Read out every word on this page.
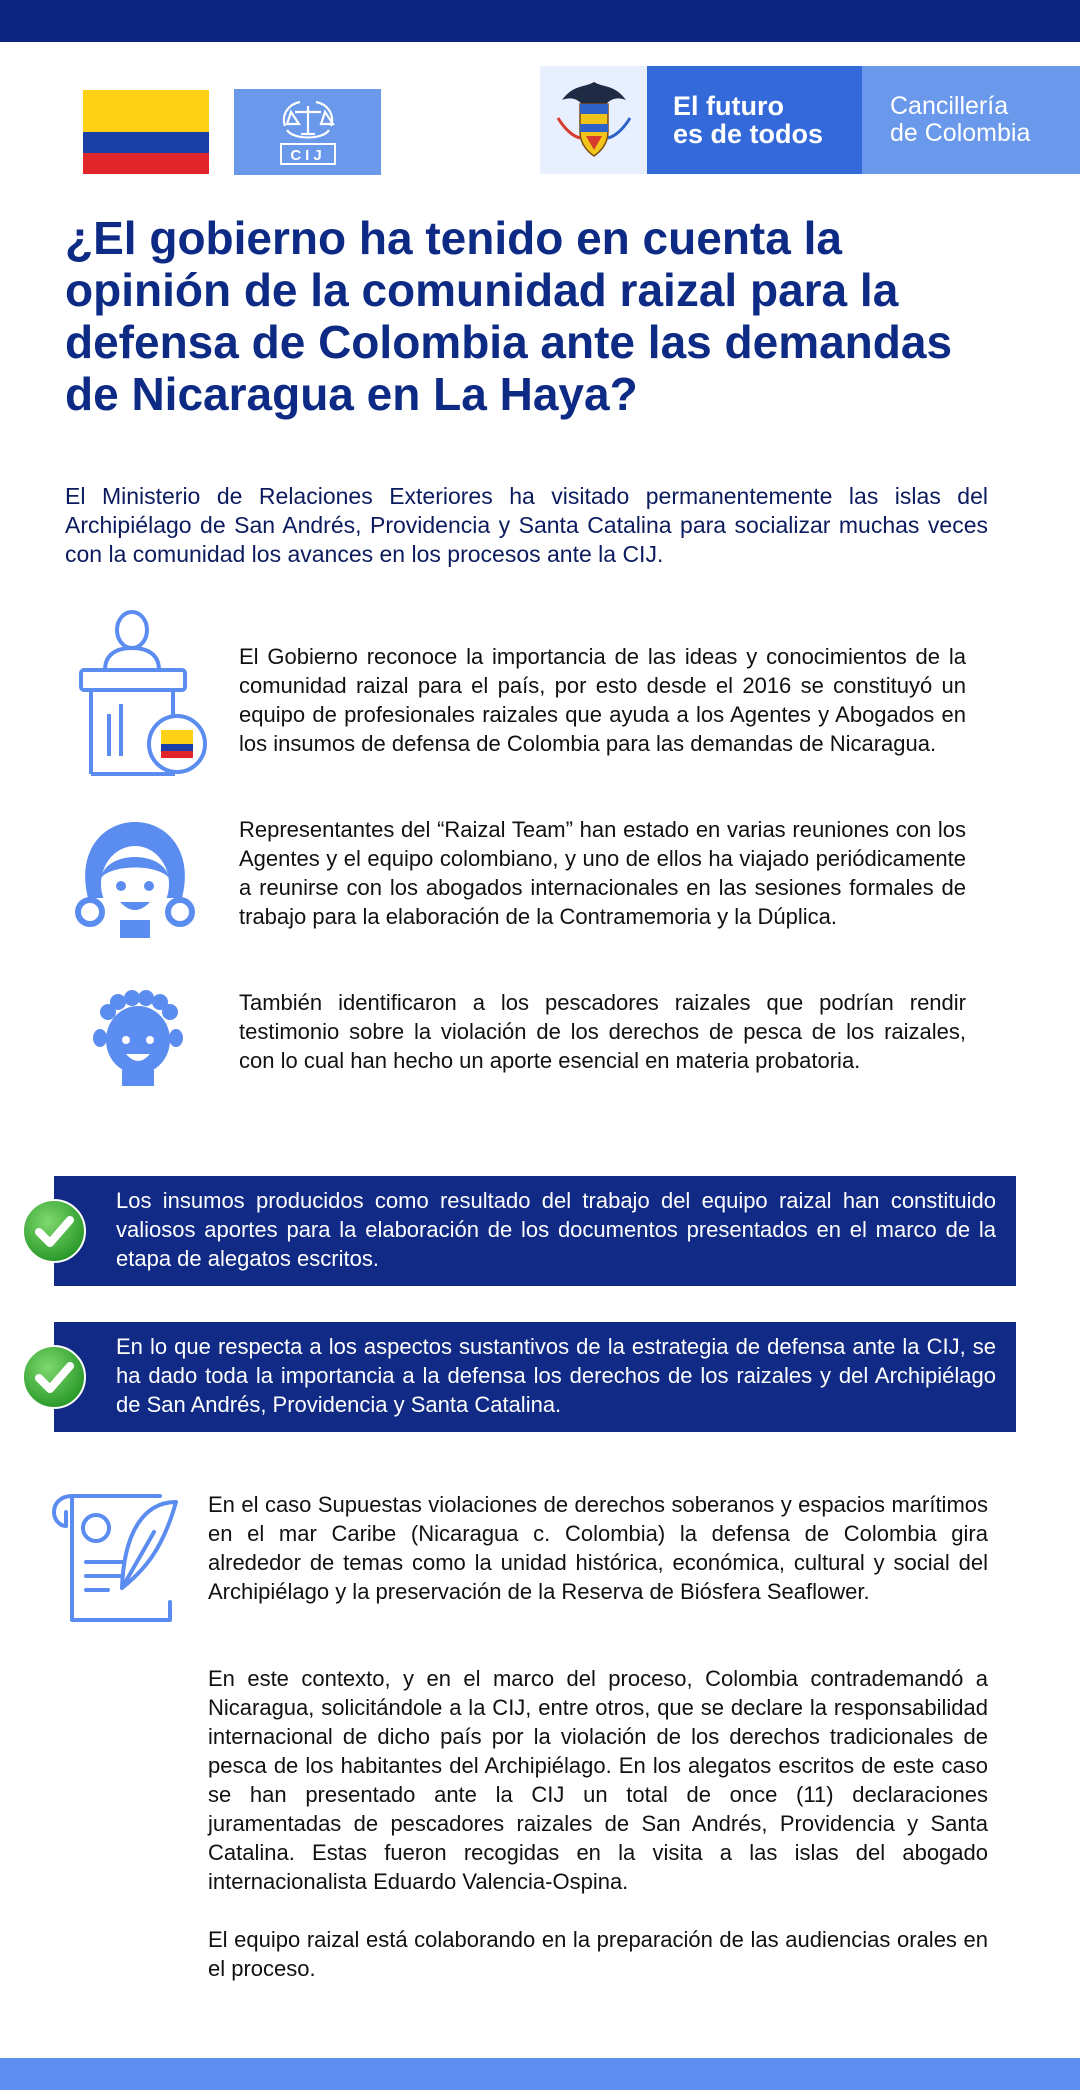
CIJ
El futuro
es de todos
Cancillería
de Colombia
¿El gobierno ha tenido en cuenta la opinión de la comunidad raizal para la defensa de Colombia ante las demandas de Nicaragua en La Haya?

El Ministerio de Relaciones Exteriores ha visitado permanentemente las islas del Archipiélago de San Andrés, Providencia y Santa Catalina para socializar muchas veces con la comunidad los avances en los procesos ante la CIJ.

El Gobierno reconoce la importancia de las ideas y conocimientos de la comunidad raizal para el país, por esto desde el 2016 se constituyó un equipo de profesionales raizales que ayuda a los Agentes y Abogados en los insumos de defensa de Colombia para las demandas de Nicaragua.

Representantes del “Raizal Team” han estado en varias reuniones con los Agentes y el equipo colombiano, y uno de ellos ha viajado periódicamente a reunirse con los abogados internacionales en las sesiones formales de trabajo para la elaboración de la Contramemoria y la Dúplica.

También identificaron a los pescadores raizales que podrían rendir testimonio sobre la violación de los derechos de pesca de los raizales, con lo cual han hecho un aporte esencial en materia probatoria.

Los insumos producidos como resultado del trabajo del equipo raizal han constituido valiosos aportes para la elaboración de los documentos presentados en el marco de la etapa de alegatos escritos.
En lo que respecta a los aspectos sustantivos de la estrategia de defensa ante la CIJ, se ha dado toda la importancia a la defensa los derechos de los raizales y del Archipiélago de San Andrés, Providencia y Santa Catalina.

En el caso Supuestas violaciones de derechos soberanos y espacios marítimos en el mar Caribe (Nicaragua c. Colombia) la defensa de Colombia gira alrededor de temas como la unidad histórica, económica, cultural y social del Archipiélago y la preservación de la Reserva de Biósfera Seaflower.

En este contexto, y en el marco del proceso, Colombia contrademandó a Nicaragua, solicitándole a la CIJ, entre otros, que se declare la responsabilidad internacional de dicho país por la violación de los derechos tradicionales de pesca de los habitantes del Archipiélago. En los alegatos escritos de este caso se han presentado ante la CIJ un total de once (11) declaraciones juramentadas de pescadores raizales de San Andrés, Providencia y Santa Catalina. Estas fueron recogidas en la visita a las islas del abogado internacionalista Eduardo Valencia-Ospina.

El equipo raizal está colaborando en la preparación de las audiencias orales en el proceso.
